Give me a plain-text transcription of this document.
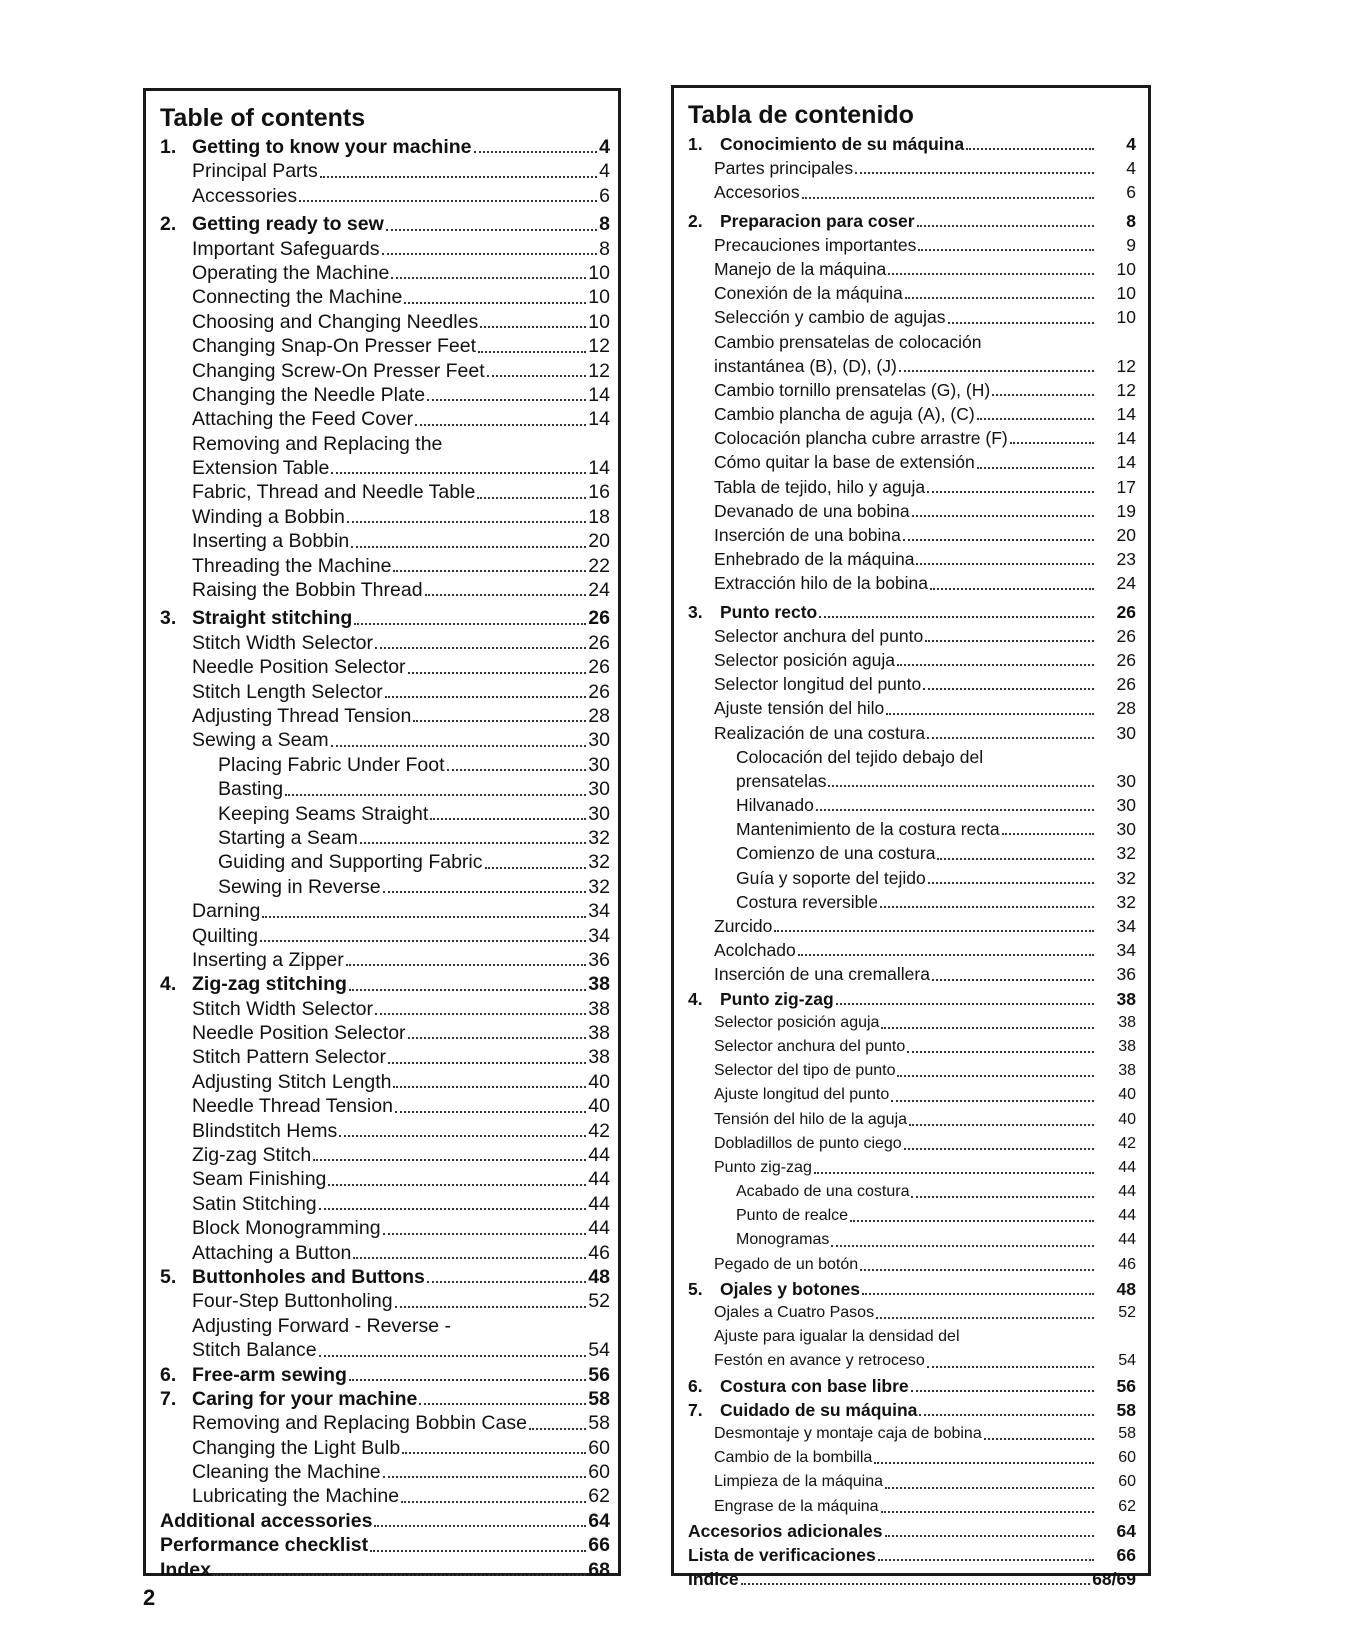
Table of contents
1. Getting to know your machine	4
Principal Parts	4
Accessories	6
2. Getting ready to sew	8
Important Safeguards	8
Operating the Machine	10
Connecting the Machine	10
Choosing and Changing Needles	10
Changing Snap-On Presser Feet	12
Changing Screw-On Presser Feet	12
Changing the Needle Plate	14
Attaching the Feed Cover	14
Removing and Replacing the
Extension Table	14
Fabric, Thread and Needle Table	16
Winding a Bobbin	18
Inserting a Bobbin	20
Threading the Machine	22
Raising the Bobbin Thread	24
3. Straight stitching	26
Stitch Width Selector	26
Needle Position Selector	26
Stitch Length Selector	26
Adjusting Thread Tension	28
Sewing a Seam	30
Placing Fabric Under Foot	30
Basting	30
Keeping Seams Straight	30
Starting a Seam	32
Guiding and Supporting Fabric	32
Sewing in Reverse	32
Darning	34
Quilting	34
Inserting a Zipper	36
4. Zig-zag stitching	38
Stitch Width Selector	38
Needle Position Selector	38
Stitch Pattern Selector	38
Adjusting Stitch Length	40
Needle Thread Tension	40
Blindstitch Hems	42
Zig-zag Stitch	44
Seam Finishing	44
Satin Stitching	44
Block Monogramming	44
Attaching a Button	46
5. Buttonholes and Buttons	48
Four-Step Buttonholing	52
Adjusting Forward - Reverse -
Stitch Balance	54
6. Free-arm sewing	56
7. Caring for your machine	58
Removing and Replacing Bobbin Case	58
Changing the Light Bulb	60
Cleaning the Machine	60
Lubricating the Machine	62
Additional accessories	64
Performance checklist	66
Index	68
Tabla de contenido
1. Conocimiento de su máquina	4
Partes principales	4
Accesorios	6
2. Preparacion para coser	8
Precauciones importantes	9
Manejo de la máquina	10
Conexión de la máquina	10
Selección y cambio de agujas	10
Cambio prensatelas de colocación
instantánea (B), (D), (J)	12
Cambio tornillo prensatelas (G), (H)	12
Cambio plancha de aguja (A), (C)	14
Colocación plancha cubre arrastre (F)	14
Cómo quitar la base de extensión	14
Tabla de tejido, hilo y aguja	17
Devanado de una bobina	19
Inserción de una bobina	20
Enhebrado de la máquina	23
Extracción hilo de la bobina	24
3. Punto recto	26
Selector anchura del punto	26
Selector posición aguja	26
Selector longitud del punto	26
Ajuste tensión del hilo	28
Realización de una costura	30
Colocación del tejido debajo del
prensatelas	30
Hilvanado	30
Mantenimiento de la costura recta	30
Comienzo de una costura	32
Guía y soporte del tejido	32
Costura reversible	32
Zurcido	34
Acolchado	34
Inserción de una cremallera	36
4. Punto zig-zag	38
Selector posición aguja	38
Selector anchura del punto	38
Selector del tipo de punto	38
Ajuste longitud del punto	40
Tensión del hilo de la aguja	40
Dobladillos de punto ciego	42
Punto zig-zag	44
Acabado de una costura	44
Punto de realce	44
Monogramas	44
Pegado de un botón	46
5. Ojales y botones	48
Ojales a Cuatro Pasos	52
Ajuste para igualar la densidad del
Festón en avance y retroceso	54
6. Costura con base libre	56
7. Cuidado de su máquina	58
Desmontaje y montaje caja de bobina	58
Cambio de la bombilla	60
Limpieza de la máquina	60
Engrase de la máquina	62
Accesorios adicionales	64
Lista de verificaciones	66
Indice	68/69
2
